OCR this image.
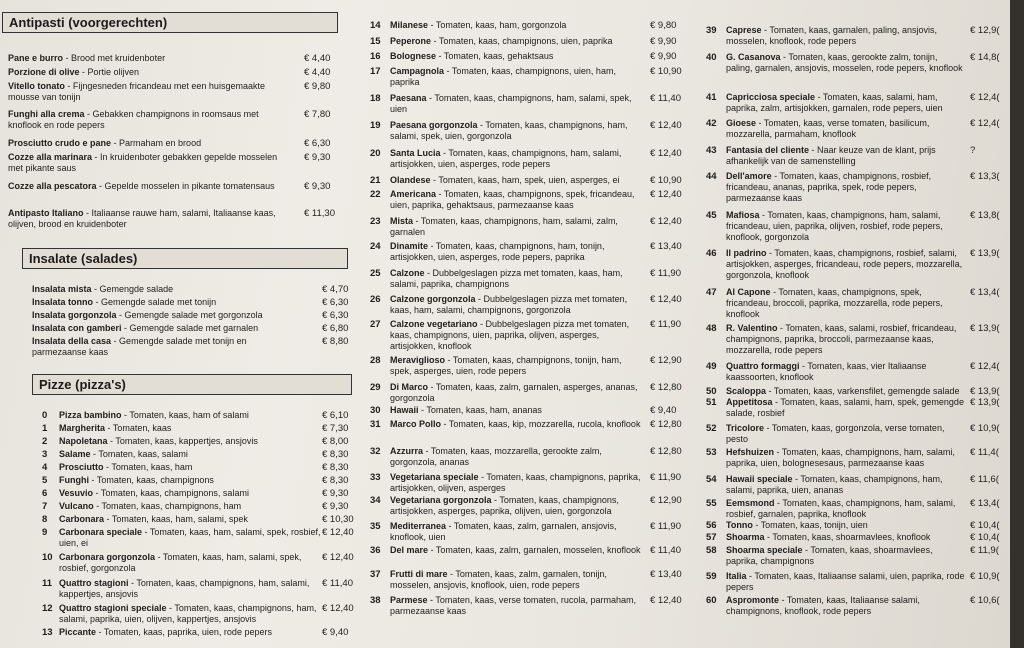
Antipasti (voorgerechten)
Insalate (salades)
Pizze (pizza's)
Pane e burro - Brood met kruidenboter	€ 4,40
Porzione di olive - Portie olijven	€ 4,40
Vitello tonato - Fijngesneden fricandeau met een huisgemaakte mousse van tonijn
€ 9,80
Funghi alla crema - Gebakken champignons in roomsaus met knoflook en rode pepers
€ 7,80
Prosciutto crudo e pane - Parmaham en brood	€ 6,30
Cozze alla marinara - In kruidenboter gebakken gepelde mosselen met pikante saus
€ 9,30
Cozze alla pescatora - Gepelde mosselen in pikante tomatensaus	€ 9,30
Antipasto Italiano - Italiaanse rauwe ham, salami, Italiaanse kaas, olijven, brood en kruidenboter
€ 11,30
Insalata mista - Gemengde salade	€ 4,70
Insalata tonno - Gemengde salade met tonijn	€ 6,30
Insalata gorgonzola - Gemengde salade met gorgonzola	€ 6,30
Insalata con gamberi - Gemengde salade met garnalen	€ 6,80
Insalata della casa - Gemengde salade met tonijn en parmezaanse kaas
€ 8,80
0 Pizza bambino - Tomaten, kaas, ham of salami	€ 6,10
1 Margherita - Tomaten, kaas	€ 7,30
2 Napoletana - Tomaten, kaas, kappertjes, ansjovis	€ 8,00
3 Salame - Tomaten, kaas, salami	€ 8,30
4 Prosciutto - Tomaten, kaas, ham	€ 8,30
5 Funghi - Tomaten, kaas, champignons	€ 8,30
6 Vesuvio - Tomaten, kaas, champignons, salami	€ 9,30
7 Vulcano - Tomaten, kaas, champignons, ham	€ 9,30
8 Carbonara - Tomaten, kaas, ham, salami, spek	€ 10,30
9 Carbonara speciale - Tomaten, kaas, ham, salami, spek, rosbief, uien, ei
€ 12,40
10 Carbonara gorgonzola - Tomaten, kaas, ham, salami, spek, rosbief, gorgonzola
€ 12,40
11 Quattro stagioni - Tomaten, kaas, champignons, ham, salami, kappertjes, ansjovis
€ 11,40
12 Quattro stagioni speciale - Tomaten, kaas, champignons, ham, salami, paprika, uien, olijven, kappertjes, ansjovis
€ 12,40
13 Piccante - Tomaten, kaas, paprika, uien, rode pepers	€ 9,40
14 Milanese - Tomaten, kaas, ham, gorgonzola	€ 9,80
15 Peperone - Tomaten, kaas, champignons, uien, paprika	€ 9,90
16 Bolognese - Tomaten, kaas, gehaktsaus	€ 9,90
17 Campagnola - Tomaten, kaas, champignons, uien, ham, paprika
€ 10,90
18 Paesana - Tomaten, kaas, champignons, ham, salami, spek, uien
€ 11,40
19 Paesana gorgonzola - Tomaten, kaas, champignons, ham, salami, spek, uien, gorgonzola
€ 12,40
20 Santa Lucia - Tomaten, kaas, champignons, ham, salami, artisjokken, uien, asperges, rode pepers
€ 12,40
21 Olandese - Tomaten, kaas, ham, spek, uien, asperges, ei	€ 10,90
22 Americana - Tomaten, kaas, champignons, spek, fricandeau, uien, paprika, gehaktsaus, parmezaanse kaas
€ 12,40
23 Mista - Tomaten, kaas, champignons, ham, salami, zalm, garnalen
€ 12,40
24 Dinamite - Tomaten, kaas, champignons, ham, tonijn, artisjokken, uien, asperges, rode pepers, paprika
€ 13,40
25 Calzone - Dubbelgeslagen pizza met tomaten, kaas, ham, salami, paprika, champignons
€ 11,90
26 Calzone gorgonzola - Dubbelgeslagen pizza met tomaten, kaas, ham, salami, champignons, gorgonzola
€ 12,40
27 Calzone vegetariano - Dubbelgeslagen pizza met tomaten, kaas, champignons, uien, paprika, olijven, asperges, artisjokken, knoflook
€ 11,90
28 Meraviglioso - Tomaten, kaas, champignons, tonijn, ham, spek, asperges, uien, rode pepers
€ 12,90
29 Di Marco - Tomaten, kaas, zalm, garnalen, asperges, ananas, gorgonzola
€ 12,80
30 Hawaii - Tomaten, kaas, ham, ananas	€ 9,40
31 Marco Pollo - Tomaten, kaas, kip, mozzarella, rucola, knoflook € 12,80
32 Azzurra - Tomaten, kaas, mozzarella, gerookte zalm, gorgonzola, ananas
€ 12,80
33 Vegetariana speciale - Tomaten, kaas, champignons, paprika, artisjokken, olijven, asperges
€ 11,90
34 Vegetariana gorgonzola - Tomaten, kaas, champignons, artisjokken, asperges, paprika, olijven, uien, gorgonzola
€ 12,90
35 Mediterranea - Tomaten, kaas, zalm, garnalen, ansjovis, knoflook, uien
€ 11,90
36 Del mare - Tomaten, kaas, zalm, garnalen, mosselen, knoflook € 11,40
37 Frutti di mare - Tomaten, kaas, zalm, garnalen, tonijn, mosselen, ansjovis, knoflook, uien, rode pepers
€ 13,40
38 Parmese - Tomaten, kaas, verse tomaten, rucola, parmaham, parmezaanse kaas
€ 12,40
39 Caprese - Tomaten, kaas, garnalen, paling, ansjovis, mosselen, knoflook, rode pepers
€ 12,9(
40 G. Casanova - Tomaten, kaas, gerookte zalm, tonijn, paling, garnalen, ansjovis, mosselen, rode pepers, knoflook
€ 14,8(
41 Capricciosa speciale - Tomaten, kaas, salami, ham, paprika, zalm, artisjokken, garnalen, rode pepers, uien
€ 12,4(
42 Gioese - Tomaten, kaas, verse tomaten, basilicum, mozzarella, parmaham, knoflook
€ 12,4(
43 Fantasia del cliente - Naar keuze van de klant, prijs afhankelijk van de samenstelling
?
44 Dell'amore - Tomaten, kaas, champignons, rosbief, fricandeau, ananas, paprika, spek, rode pepers, parmezaanse kaas
€ 13,3(
45 Mafiosa - Tomaten, kaas, champignons, ham, salami, fricandeau, uien, paprika, olijven, rosbief, rode pepers, knoflook, gorgonzola
€ 13,8(
46 Il padrino - Tomaten, kaas, champignons, rosbief, salami, artisjokken, asperges, fricandeau, rode pepers, mozzarella, gorgonzola, knoflook
€ 13,9(
47 Al Capone - Tomaten, kaas, champignons, spek, fricandeau, broccoli, paprika, mozzarella, rode pepers, knoflook
€ 13,4(
48 R. Valentino - Tomaten, kaas, salami, rosbief, fricandeau, champignons, paprika, broccoli, parmezaanse kaas, mozzarella, rode pepers
€ 13,9(
49 Quattro formaggi - Tomaten, kaas, vier Italiaanse kaassoorten, knoflook
€ 12,4(
50 Scaloppa - Tomaten, kaas, varkensfilet, gemengde salade	€ 13,9(
51 Appetitosa - Tomaten, kaas, salami, ham, spek, gemengde salade, rosbief
€ 13,9(
52 Tricolore - Tomaten, kaas, gorgonzola, verse tomaten, pesto
€ 10,9(
53 Hefshuizen - Tomaten, kaas, champignons, ham, salami, paprika, uien, bolognesesaus, parmezaanse kaas
€ 11,4(
54 Hawaii speciale - Tomaten, kaas, champignons, ham, salami, paprika, uien, ananas
€ 11,6(
55 Eemsmond - Tomaten, kaas, champignons, ham, salami, rosbief, garnalen, paprika, knoflook
€ 13,4(
56 Tonno - Tomaten, kaas, tonijn, uien	€ 10,4(
57 Shoarma - Tomaten, kaas, shoarmavlees, knoflook	€ 10,4(
58 Shoarma speciale - Tomaten, kaas, shoarmavlees, paprika, champignons
€ 11,9(
59 Italia - Tomaten, kaas, Italiaanse salami, uien, paprika, rode pepers
€ 10,9(
60 Aspromonte - Tomaten, kaas, Italiaanse salami, champignons, knoflook, rode pepers
€ 10,6(
